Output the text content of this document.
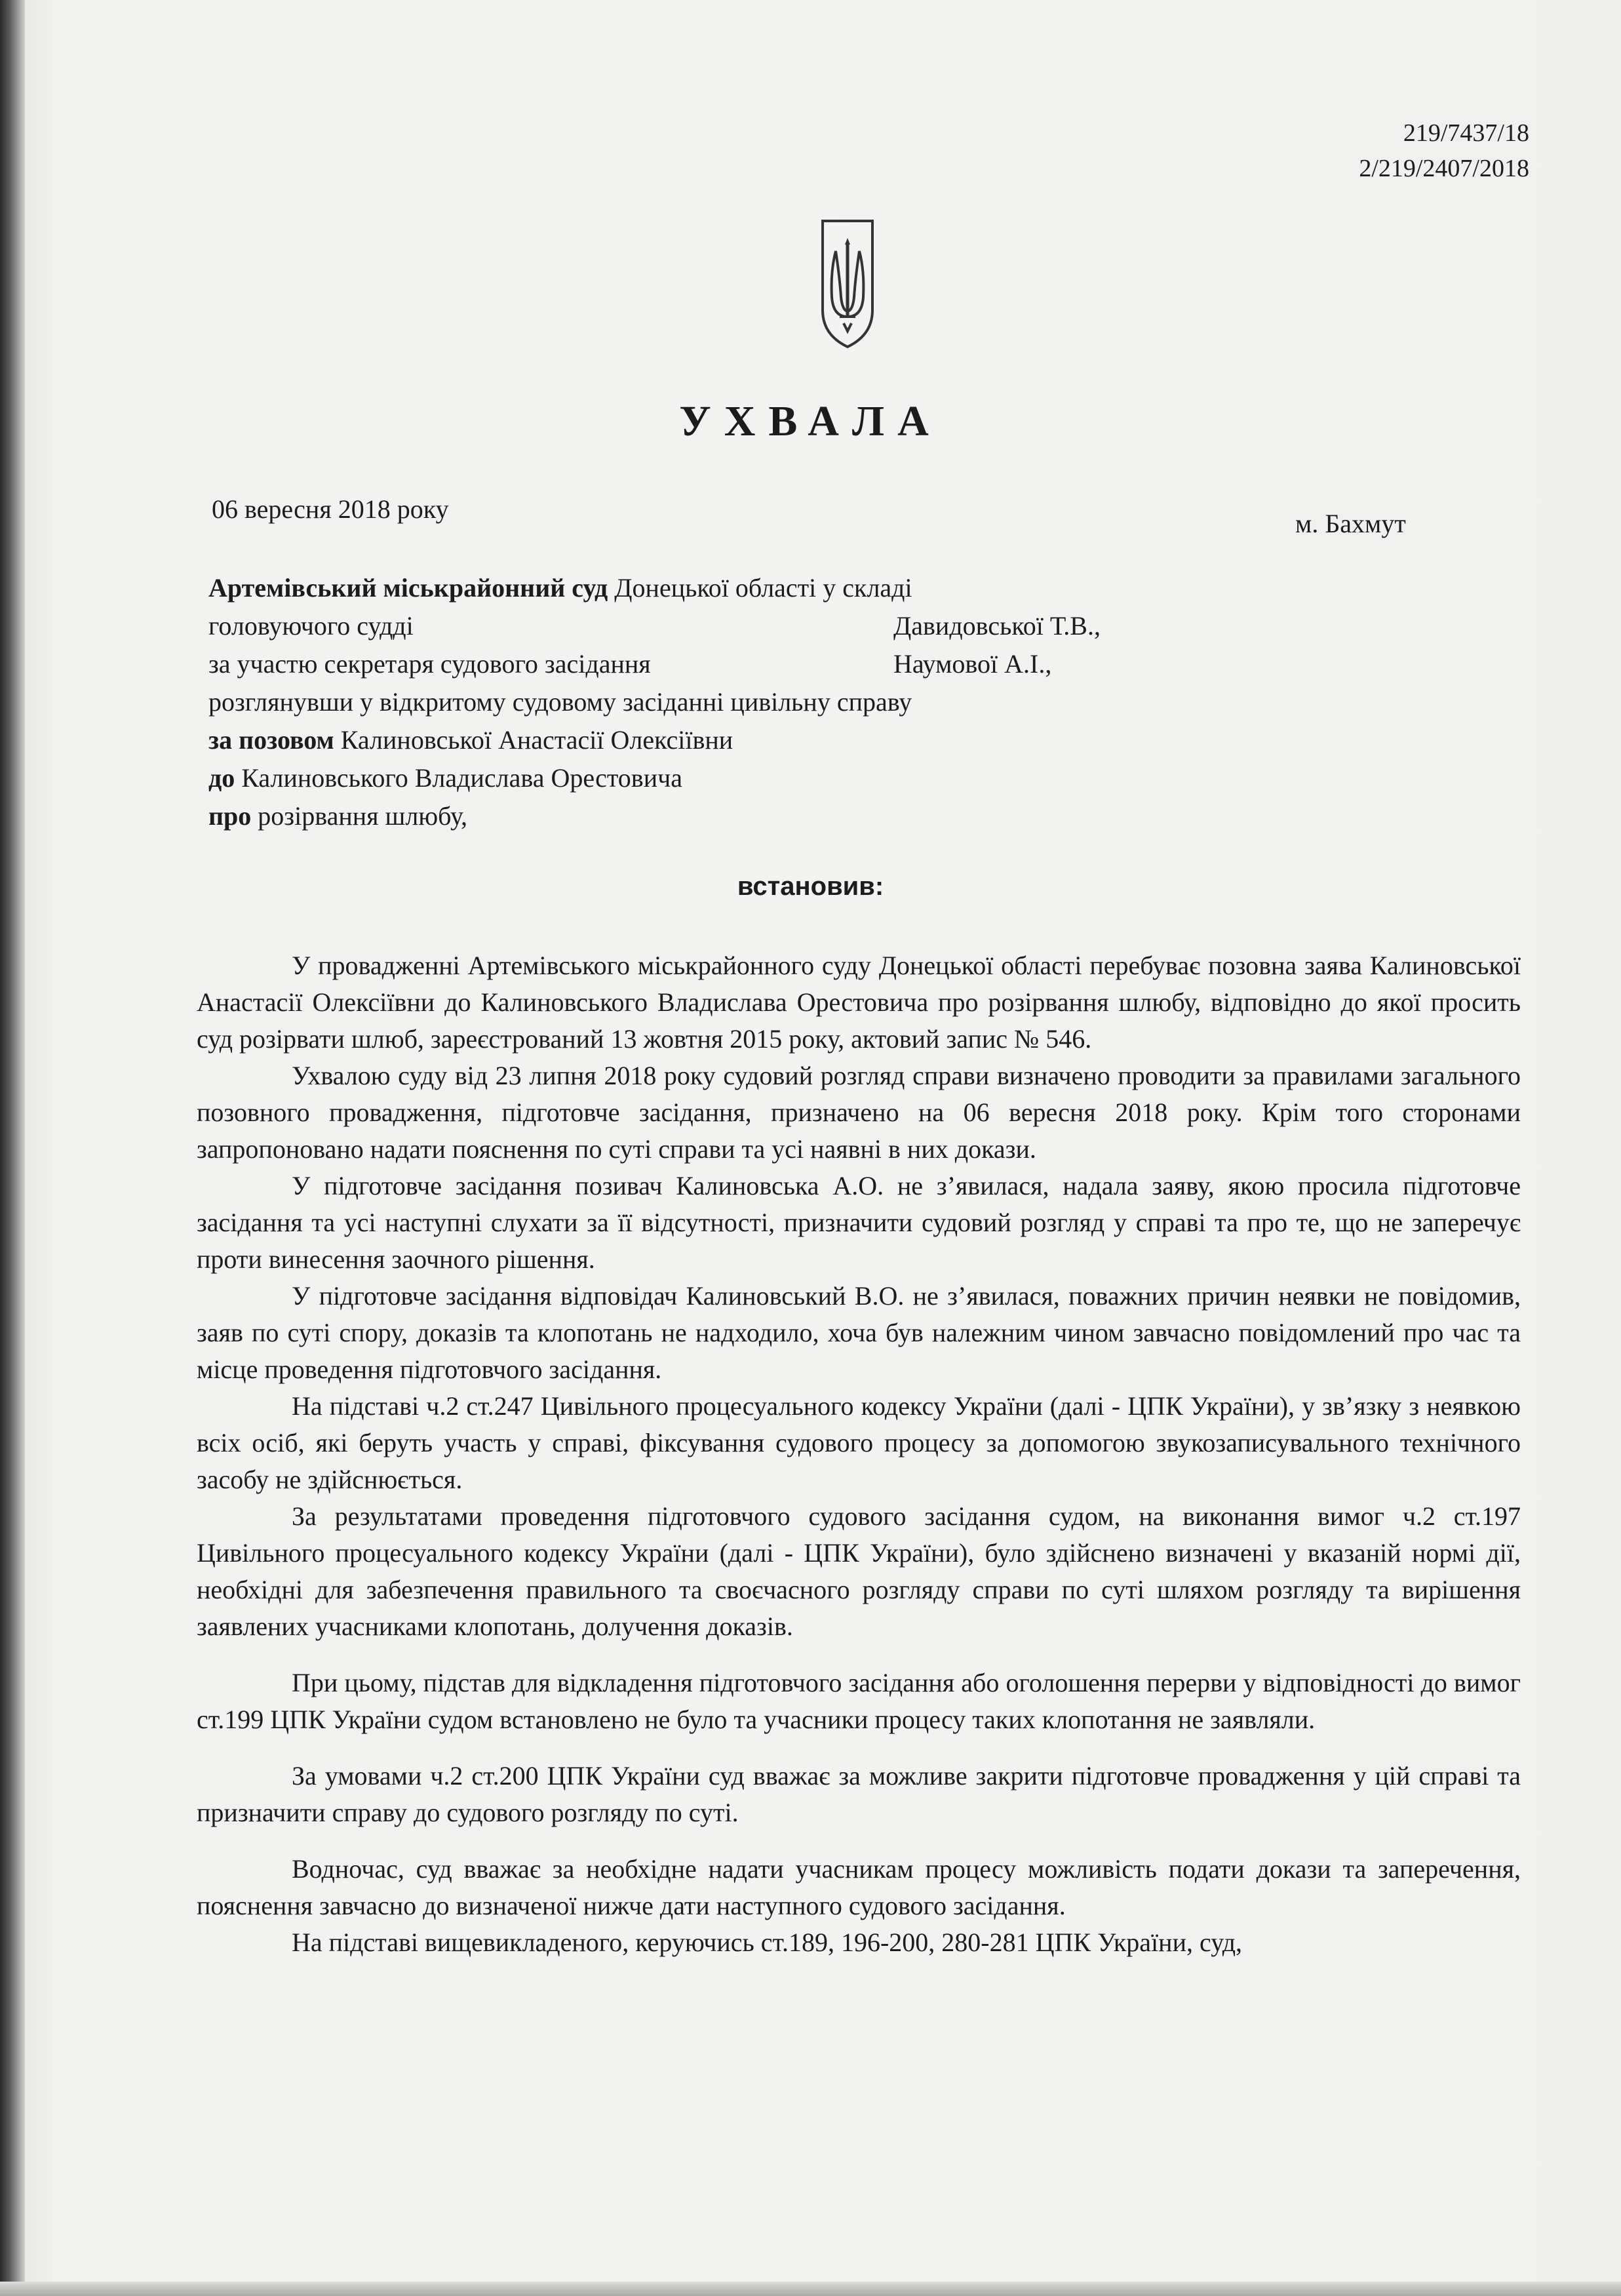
219/7437/18
2/219/2407/2018
УХВАЛА
06 вересня 2018 року	м. Бахмут
Артемівський міськрайонний суд Донецької області у складі
головуючого судді	Давидовської Т.В.,
за участю секретаря судового засідання	Наумової А.І.,
розглянувши у відкритому судовому засіданні цивільну справу
за позовом Калиновської Анастасії Олексіївни
до Калиновського Владислава Орестовича
про розірвання шлюбу,
встановив:

У провадженні Артемівського міськрайонного суду Донецької області перебуває позовна заява Калиновської Анастасії Олексіївни до Калиновського Владислава Орестовича про розірвання шлюбу, відповідно до якої просить суд розірвати шлюб, зареєстрований 13 жовтня 2015 року, актовий запис № 546.

Ухвалою суду від 23 липня 2018 року судовий розгляд справи визначено проводити за правилами загального позовного провадження, підготовче засідання, призначено на 06 вересня 2018 року. Крім того сторонами запропоновано надати пояснення по суті справи та усі наявні в них докази.

У підготовче засідання позивач Калиновська А.О. не з’явилася, надала заяву, якою просила підготовче засідання та усі наступні слухати за її відсутності, призначити судовий розгляд у справі та про те, що не заперечує проти винесення заочного рішення.

У підготовче засідання відповідач Калиновський В.О. не з’явилася, поважних причин неявки не повідомив, заяв по суті спору, доказів та клопотань не надходило, хоча був належним чином завчасно повідомлений про час та місце проведення підготовчого засідання.

На підставі ч.2 ст.247 Цивільного процесуального кодексу України (далі - ЦПК України), у зв’язку з неявкою всіх осіб, які беруть участь у справі, фіксування судового процесу за допомогою звукозаписувального технічного засобу не здійснюється.

За результатами проведення підготовчого судового засідання судом, на виконання вимог ч.2 ст.197 Цивільного процесуального кодексу України (далі - ЦПК України), було здійснено визначені у вказаній нормі дії, необхідні для забезпечення правильного та своєчасного розгляду справи по суті шляхом розгляду та вирішення заявлених учасниками клопотань, долучення доказів.

При цьому, підстав для відкладення підготовчого засідання або оголошення перерви у відповідності до вимог ст.199 ЦПК України судом встановлено не було та учасники процесу таких клопотання не заявляли.

За умовами ч.2 ст.200 ЦПК України суд вважає за можливе закрити підготовче провадження у цій справі та призначити справу до судового розгляду по суті.

Водночас, суд вважає за необхідне надати учасникам процесу можливість подати докази та заперечення, пояснення завчасно до визначеної нижче дати наступного судового засідання.

На підставі вищевикладеного, керуючись ст.189, 196-200, 280-281 ЦПК України, суд,
